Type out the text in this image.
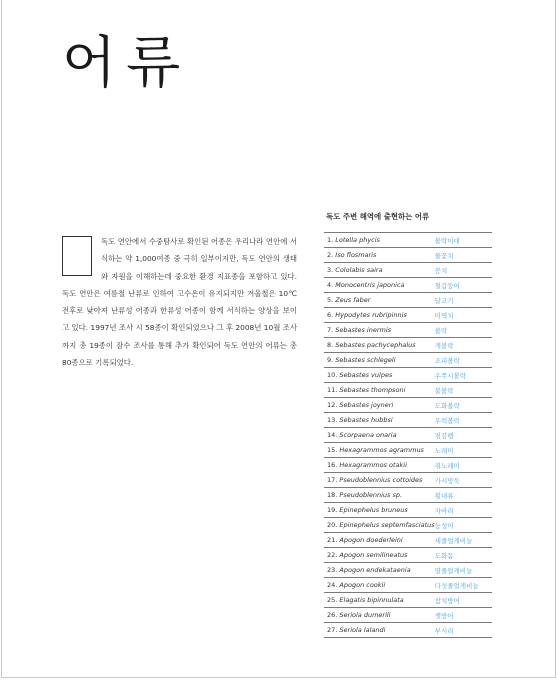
어류

독도 연안에서 수중탐사로 확인된 어종은 우리나라 연안에 서식하는 약 1,000여종 중 극히 일부이지만, 독도 연안의 생태와 자원을 이해하는데 중요한 환경 지표종을 포함하고 있다. 독도 연안은 여름철 난류로 인하여 고수온이 유지되지만 겨울철은 10℃전후로 낮아져 난류성 어종과 한류성 어종이 함께 서식하는 양상을 보이고 있다. 1997년 조사 시 58종이 확인되었으나 그 후 2008년 10월 조사까지 총 19종이 잠수 조사를 통해 추가 확인되어 독도 연안의 어류는 총 80종으로 기록되었다.

독도 주변 해역에 출현하는 어류
1. Lotella phycis	볼락이대
2. Iso flosmaris	물꽃치
3. Cololabis saira	꽁치
4. Monocentris japonica	철갑둥어
5. Zeus faber	달고기
6. Hypodytes rubripinnis	미역치
7. Sebastes inermis	볼락
8. Sebastes pachycephalus	개볼락
9. Sebastes schlegeli	조피볼락
10. Sebastes vulpes	우쭈시볼락
11. Sebastes thompsoni	불볼락
12. Sebastes joyneri	도화볼락
13. Sebastes hubbsi	우럭볼락
14. Scorpaena onaria	점감펭
15. Hexagrammos agrammus	노래미
16. Hexagrammos otakii	쥐노래미
17. Pseudoblennius cottoides	가시망둑
18. Pseudoblennius sp.	횟대류
19. Epinephelus bruneus	자바리
20. Epinephelus septemfasciatus	능성어
21. Apogon doederleini	세줄얼게비늘
22. Apogon semilineatus	도화돔
23. Apogon endekataenia	열줄얼게비늘
24. Apogon cookii	다섯줄얼게비늘
25. Elagatis bipinnulata	참치방어
26. Seriola dumerili	잿방어
27. Seriola lalandi	부시리
